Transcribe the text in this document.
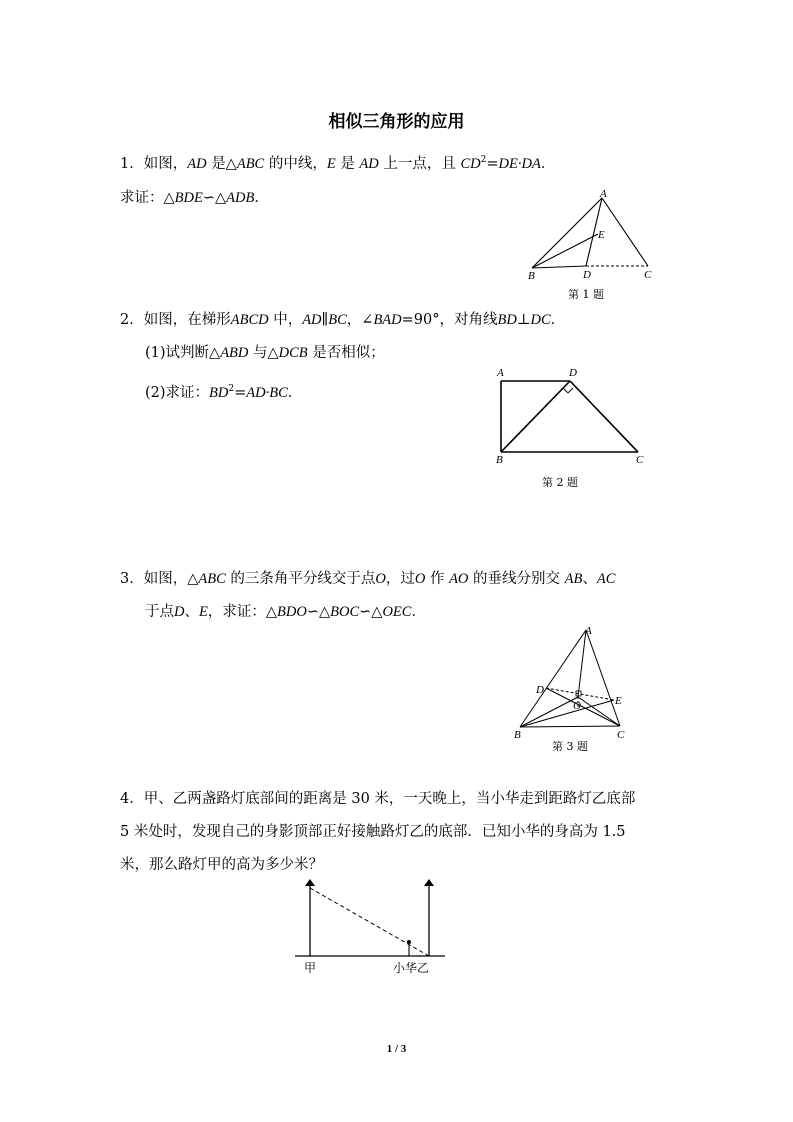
相似三角形的应用
1．如图，AD 是△ABC 的中线，E 是 AD 上一点，且 $CD^2=DE\cdot DA$．
求证：△BDE∽△ADB．	A
E
B	D	C
第 1 题
2．如图，在梯形ABCD 中，AD∥BC，∠BAD=90°，对角线BD⊥DC．
(1)试判断△ABD 与△DCB 是否相似；
(2)求证：$BD^2=AD\cdot BC$．
A	D
B	C
第 2 题
3．如图，△ABC 的三条角平分线交于点O，过O 作 AO 的垂线分别交 AB、AC
于点D、E，求证：△BDO∽△BOC∽△OEC．
A
D
O	E
B	C
第 3 题
4．甲、乙两盏路灯底部间的距离是 30 米，一天晚上，当小华走到距路灯乙底部
5 米处时，发现自己的身影顶部正好接触路灯乙的底部．已知小华的身高为 1.5
米，那么路灯甲的高为多少米？
甲	小华乙
1 / 3
